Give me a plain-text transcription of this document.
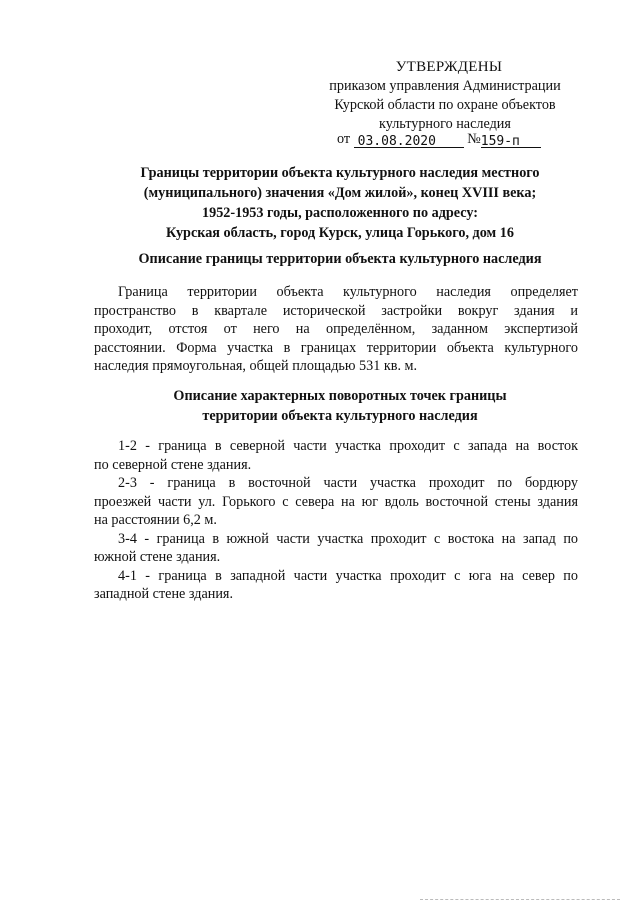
УТВЕРЖДЕНЫ
приказом управления Администрации
Курской области по охране объектов
культурного наследия
от 03.08.2020 №159-п
Границы территории объекта культурного наследия местного
(муниципального) значения «Дом жилой», конец XVIII века;
1952-1953 годы, расположенного по адресу:
Курская область, город Курск, улица Горького, дом 16
Описание границы территории объекта культурного наследия
Граница территории объекта культурного наследия определяет
пространство в квартале исторической застройки вокруг здания и
проходит, отстоя от него на определённом, заданном экспертизой
расстоянии. Форма участка в границах территории объекта культурного
наследия прямоугольная, общей площадью 531 кв. м.
Описание характерных поворотных точек границы
территории объекта культурного наследия
1-2 - граница в северной части участка проходит с запада на восток
по северной стене здания.
2-3 - граница в восточной части участка проходит по бордюру
проезжей части ул. Горького с севера на юг вдоль восточной стены здания
на расстоянии 6,2 м.
3-4 - граница в южной части участка проходит с востока на запад по
южной стене здания.
4-1 - граница в западной части участка проходит с юга на север по
западной стене здания.
